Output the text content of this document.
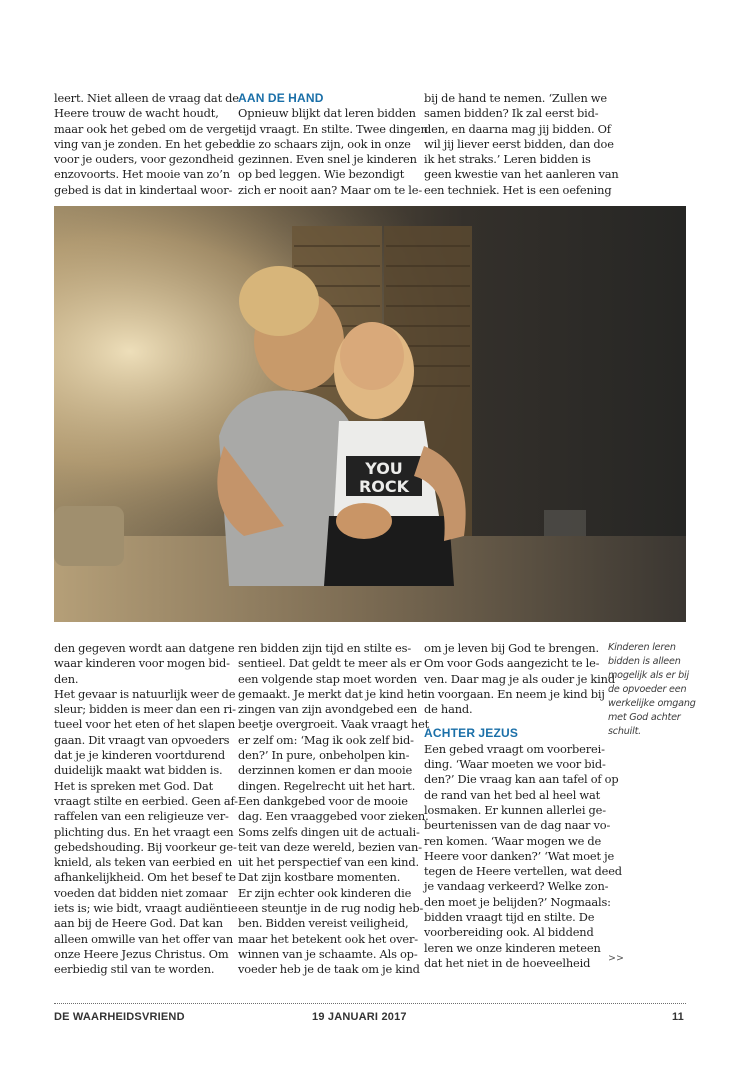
leert. Niet alleen de vraag dat de
Heere trouw de wacht houdt,
maar ook het gebed om de verge-
ving van je zonden. En het gebed
voor je ouders, voor gezondheid
enzovoorts. Het mooie van zo’n
gebed is dat in kindertaal woor-

AAN DE HAND

Opnieuw blijkt dat leren bidden
tijd vraagt. En stilte. Twee dingen
die zo schaars zijn, ook in onze
gezinnen. Even snel je kinderen
op bed leggen. Wie bezondigt
zich er nooit aan? Maar om te le-

bij de hand te nemen. ‘Zullen we
samen bidden? Ik zal eerst bid-
den, en daarna mag jij bidden. Of
wil jij liever eerst bidden, dan doe
ik het straks.’ Leren bidden is
geen kwestie van het aanleren van
een techniek. Het is een oefening

YOU
ROCK

den gegeven wordt aan datgene
waar kinderen voor mogen bid-
den.

Het gevaar is natuurlijk weer de
sleur; bidden is meer dan een ri-
tueel voor het eten of het slapen
gaan. Dit vraagt van opvoeders
dat je je kinderen voortdurend
duidelijk maakt wat bidden is.
Het is spreken met God. Dat
vraagt stilte en eerbied. Geen af-
raffelen van een religieuze ver-
plichting dus. En het vraagt een
gebedshouding. Bij voorkeur ge-
knield, als teken van eerbied en
afhankelijkheid. Om het besef te
voeden dat bidden niet zomaar
iets is; wie bidt, vraagt audiëntie
aan bij de Heere God. Dat kan
alleen omwille van het offer van
onze Heere Jezus Christus. Om
eerbiedig stil van te worden.

ren bidden zijn tijd en stilte es-
sentieel. Dat geldt te meer als er
een volgende stap moet worden
gemaakt. Je merkt dat je kind het
zingen van zijn avondgebed een
beetje overgroeit. Vaak vraagt het
er zelf om: ‘Mag ik ook zelf bid-
den?’ In pure, onbeholpen kin-
derzinnen komen er dan mooie
dingen. Regelrecht uit het hart.
Een dankgebed voor de mooie
dag. Een vraaggebed voor zieken.
Soms zelfs dingen uit de actuali-
teit van deze wereld, bezien van-
uit het perspectief van een kind.
Dat zijn kostbare momenten.

Er zijn echter ook kinderen die
een steuntje in de rug nodig heb-
ben. Bidden vereist veiligheid,
maar het betekent ook het over-
winnen van je schaamte. Als op-
voeder heb je de taak om je kind

om je leven bij God te brengen.
Om voor Gods aangezicht te le-
ven. Daar mag je als ouder je kind
in voorgaan. En neem je kind bij
de hand.

ACHTER JEZUS

Een gebed vraagt om voorberei-
ding. ‘Waar moeten we voor bid-
den?’ Die vraag kan aan tafel of op
de rand van het bed al heel wat
losmaken. Er kunnen allerlei ge-
beurtenissen van de dag naar vo-
ren komen. ‘Waar mogen we de
Heere voor danken?’ ‘Wat moet je
tegen de Heere vertellen, wat deed
je vandaag verkeerd? Welke zon-
den moet je belijden?’ Nogmaals:
bidden vraagt tijd en stilte. De
voorbereiding ook. Al biddend
leren we onze kinderen meteen
dat het niet in de hoeveelheid

Kinderen leren
bidden is alleen
mogelijk als er bij
de opvoeder een
werkelijke omgang
met God achter
schuilt.
>>
DE WAARHEIDSVRIEND	19 JANUARI 2017	11
